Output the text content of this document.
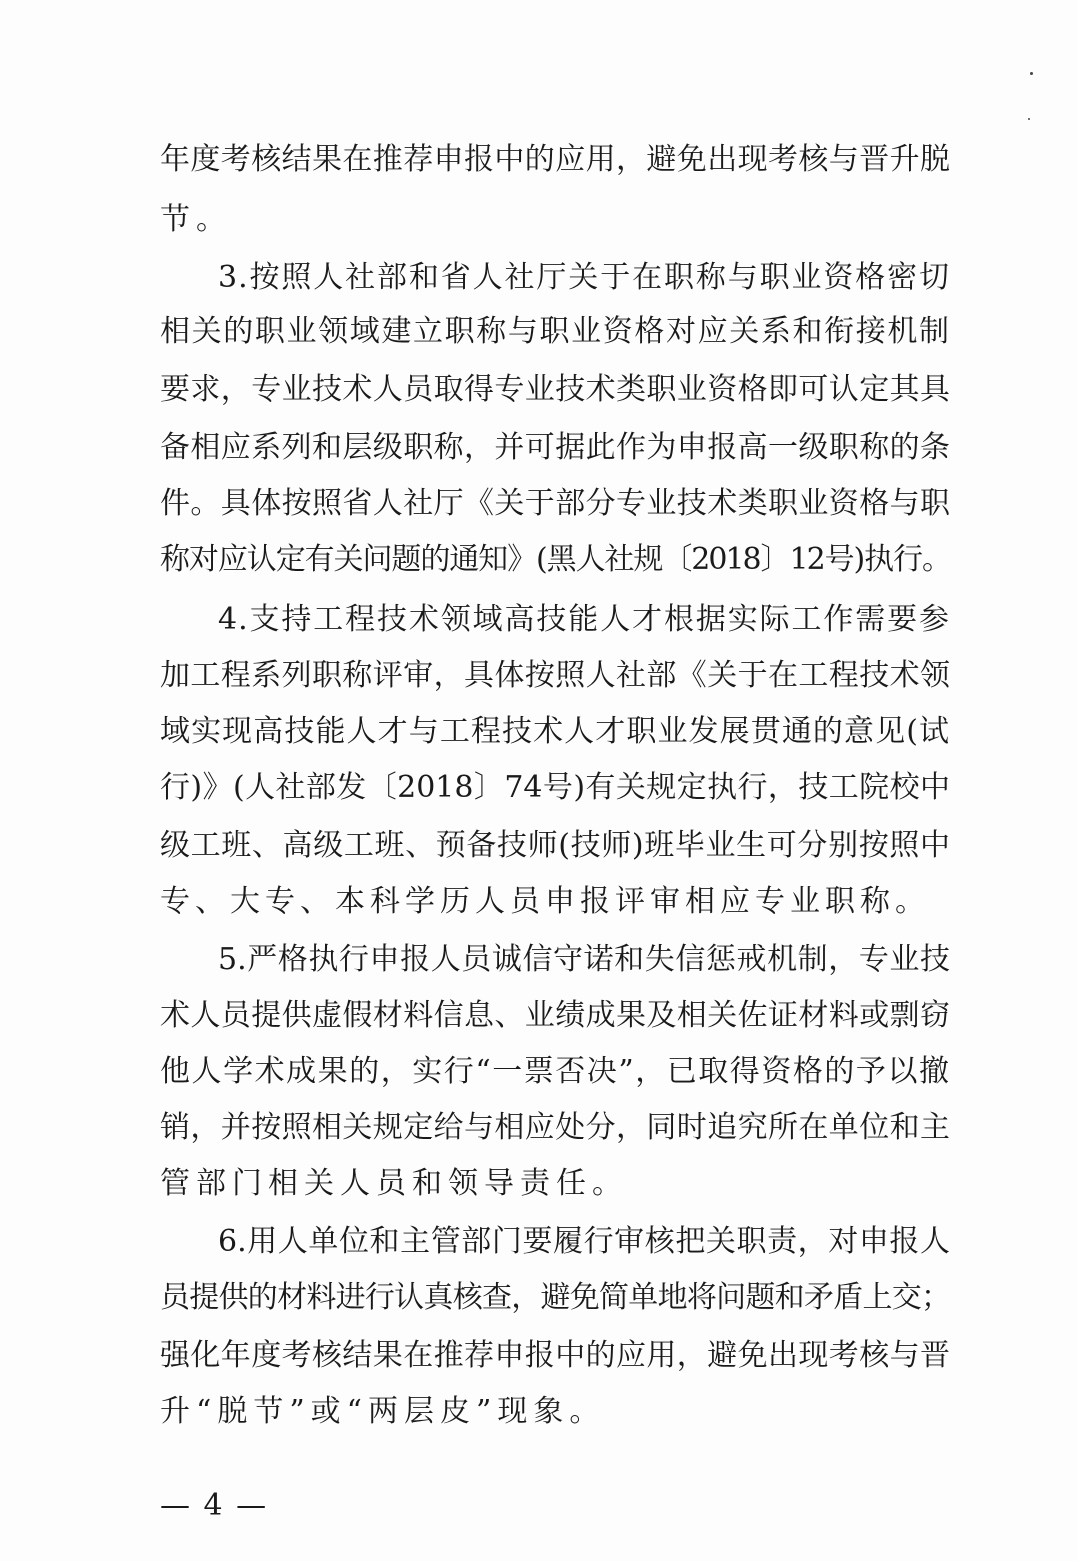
年度考核结果在推荐申报中的应用，避免出现考核与晋升脱

节。

3.按照人社部和省人社厅关于在职称与职业资格密切

相关的职业领域建立职称与职业资格对应关系和衔接机制

要求，专业技术人员取得专业技术类职业资格即可认定其具

备相应系列和层级职称，并可据此作为申报高一级职称的条

件。具体按照省人社厅《关于部分专业技术类职业资格与职

称对应认定有关问题的通知》(黑人社规〔2018〕12号)执行。

4.支持工程技术领域高技能人才根据实际工作需要参

加工程系列职称评审，具体按照人社部《关于在工程技术领

域实现高技能人才与工程技术人才职业发展贯通的意见(试

行)》(人社部发〔2018〕74号)有关规定执行，技工院校中

级工班、高级工班、预备技师(技师)班毕业生可分别按照中

专、大专、本科学历人员申报评审相应专业职称。

5.严格执行申报人员诚信守诺和失信惩戒机制，专业技

术人员提供虚假材料信息、业绩成果及相关佐证材料或剽窃

他人学术成果的，实行“一票否决”，已取得资格的予以撤

销，并按照相关规定给与相应处分，同时追究所在单位和主

管部门相关人员和领导责任。

6.用人单位和主管部门要履行审核把关职责，对申报人

员提供的材料进行认真核查，避免简单地将问题和矛盾上交；

强化年度考核结果在推荐申报中的应用，避免出现考核与晋

升“脱节”或“两层皮”现象。

— 4 —
